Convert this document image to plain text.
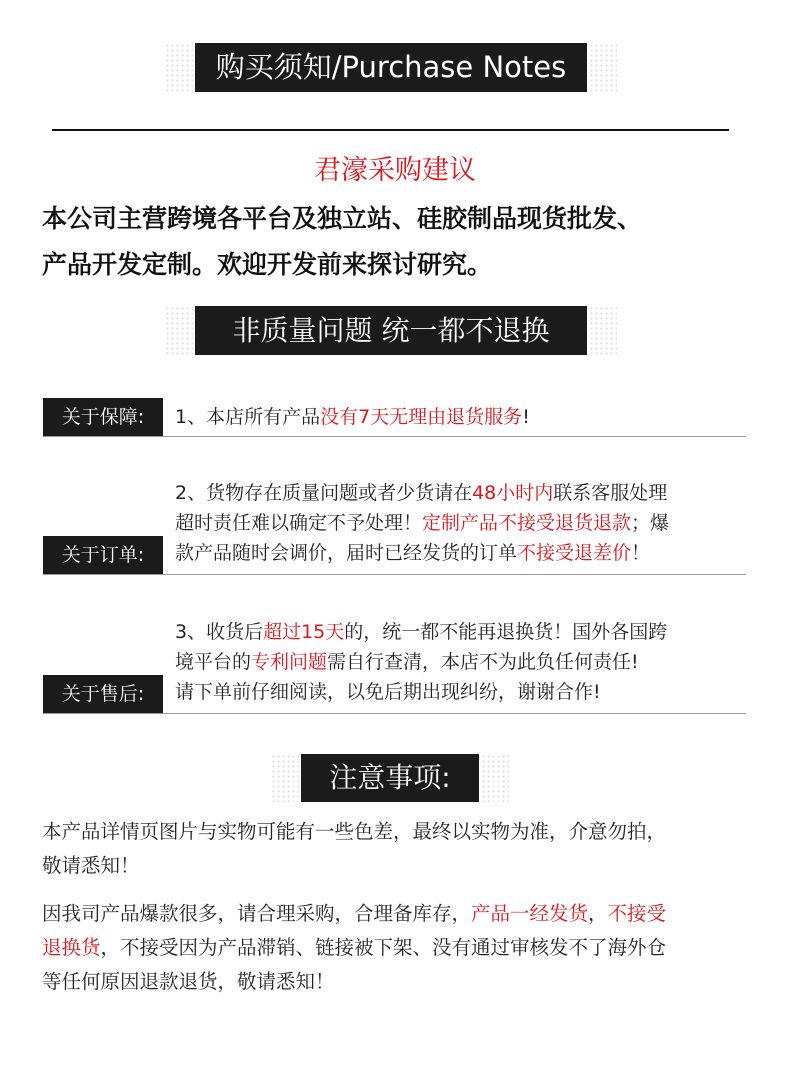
购买须知/Purchase Notes
君濠采购建议
本公司主营跨境各平台及独立站、硅胶制品现货批发、
产品开发定制。欢迎开发前来探讨研究。
非质量问题 统一都不退换
关于保障:	1、本店所有产品没有7天无理由退货服务!
关于订单:
2、货物存在质量问题或者少货请在48小时内联系客服处理
超时责任难以确定不予处理！定制产品不接受退货退款；爆
款产品随时会调价，届时已经发货的订单不接受退差价！
关于售后:
3、收货后超过15天的，统一都不能再退换货！国外各国跨
境平台的专利问题需自行查清，本店不为此负任何责任!
请下单前仔细阅读，以免后期出现纠纷，谢谢合作!
注意事项:
本产品详情页图片与实物可能有一些色差，最终以实物为准，介意勿拍，
敬请悉知！
因我司产品爆款很多，请合理采购，合理备库存，产品一经发货，不接受
退换货，不接受因为产品滞销、链接被下架、没有通过审核发不了海外仓
等任何原因退款退货，敬请悉知！
